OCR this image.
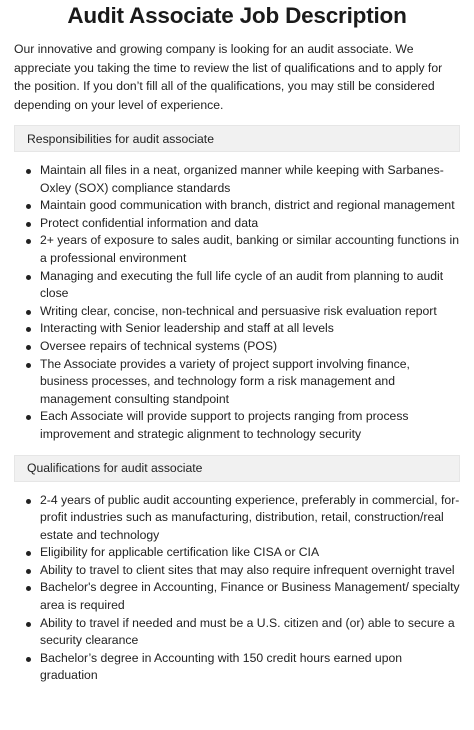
Audit Associate Job Description

Our innovative and growing company is looking for an audit associate. We appreciate you taking the time to review the list of qualifications and to apply for the position. If you don’t fill all of the qualifications, you may still be considered depending on your level of experience.

Responsibilities for audit associate
Maintain all files in a neat, organized manner while keeping with Sarbanes-Oxley (SOX) compliance standards
Maintain good communication with branch, district and regional management
Protect confidential information and data
2+ years of exposure to sales audit, banking or similar accounting functions in a professional environment
Managing and executing the full life cycle of an audit from planning to audit close
Writing clear, concise, non-technical and persuasive risk evaluation report
Interacting with Senior leadership and staff at all levels
Oversee repairs of technical systems (POS)
The Associate provides a variety of project support involving finance, business processes, and technology form a risk management and management consulting standpoint
Each Associate will provide support to projects ranging from process improvement and strategic alignment to technology security
Qualifications for audit associate
2-4 years of public audit accounting experience, preferably in commercial, for-profit industries such as manufacturing, distribution, retail, construction/real estate and technology
Eligibility for applicable certification like CISA or CIA
Ability to travel to client sites that may also require infrequent overnight travel
Bachelor's degree in Accounting, Finance or Business Management/ specialty area is required
Ability to travel if needed and must be a U.S. citizen and (or) able to secure a security clearance
Bachelor’s degree in Accounting with 150 credit hours earned upon graduation
